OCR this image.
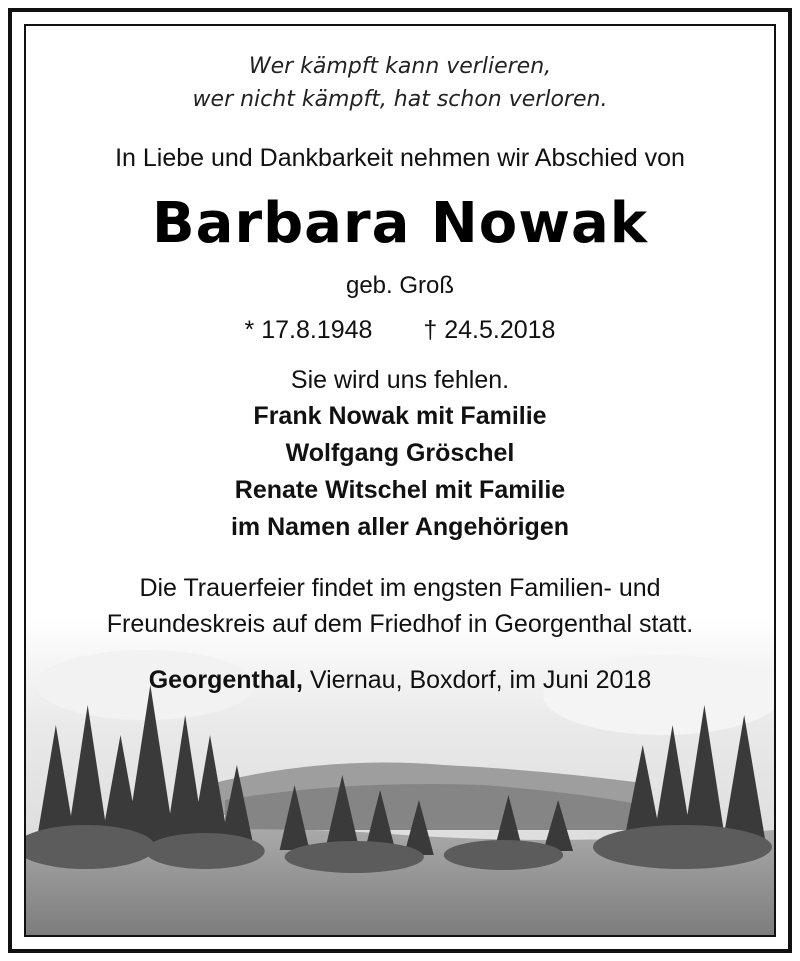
Wer kämpft kann verlieren,
wer nicht kämpft, hat schon verloren.
In Liebe und Dankbarkeit nehmen wir Abschied von
Barbara Nowak
geb. Groß
* 17.8.1948 † 24.5.2018
Sie wird uns fehlen.
Frank Nowak mit Familie
Wolfgang Gröschel
Renate Witschel mit Familie
im Namen aller Angehörigen
Die Trauerfeier findet im engsten Familien- und
Freundeskreis auf dem Friedhof in Georgenthal statt.
Georgenthal, Viernau, Boxdorf, im Juni 2018
